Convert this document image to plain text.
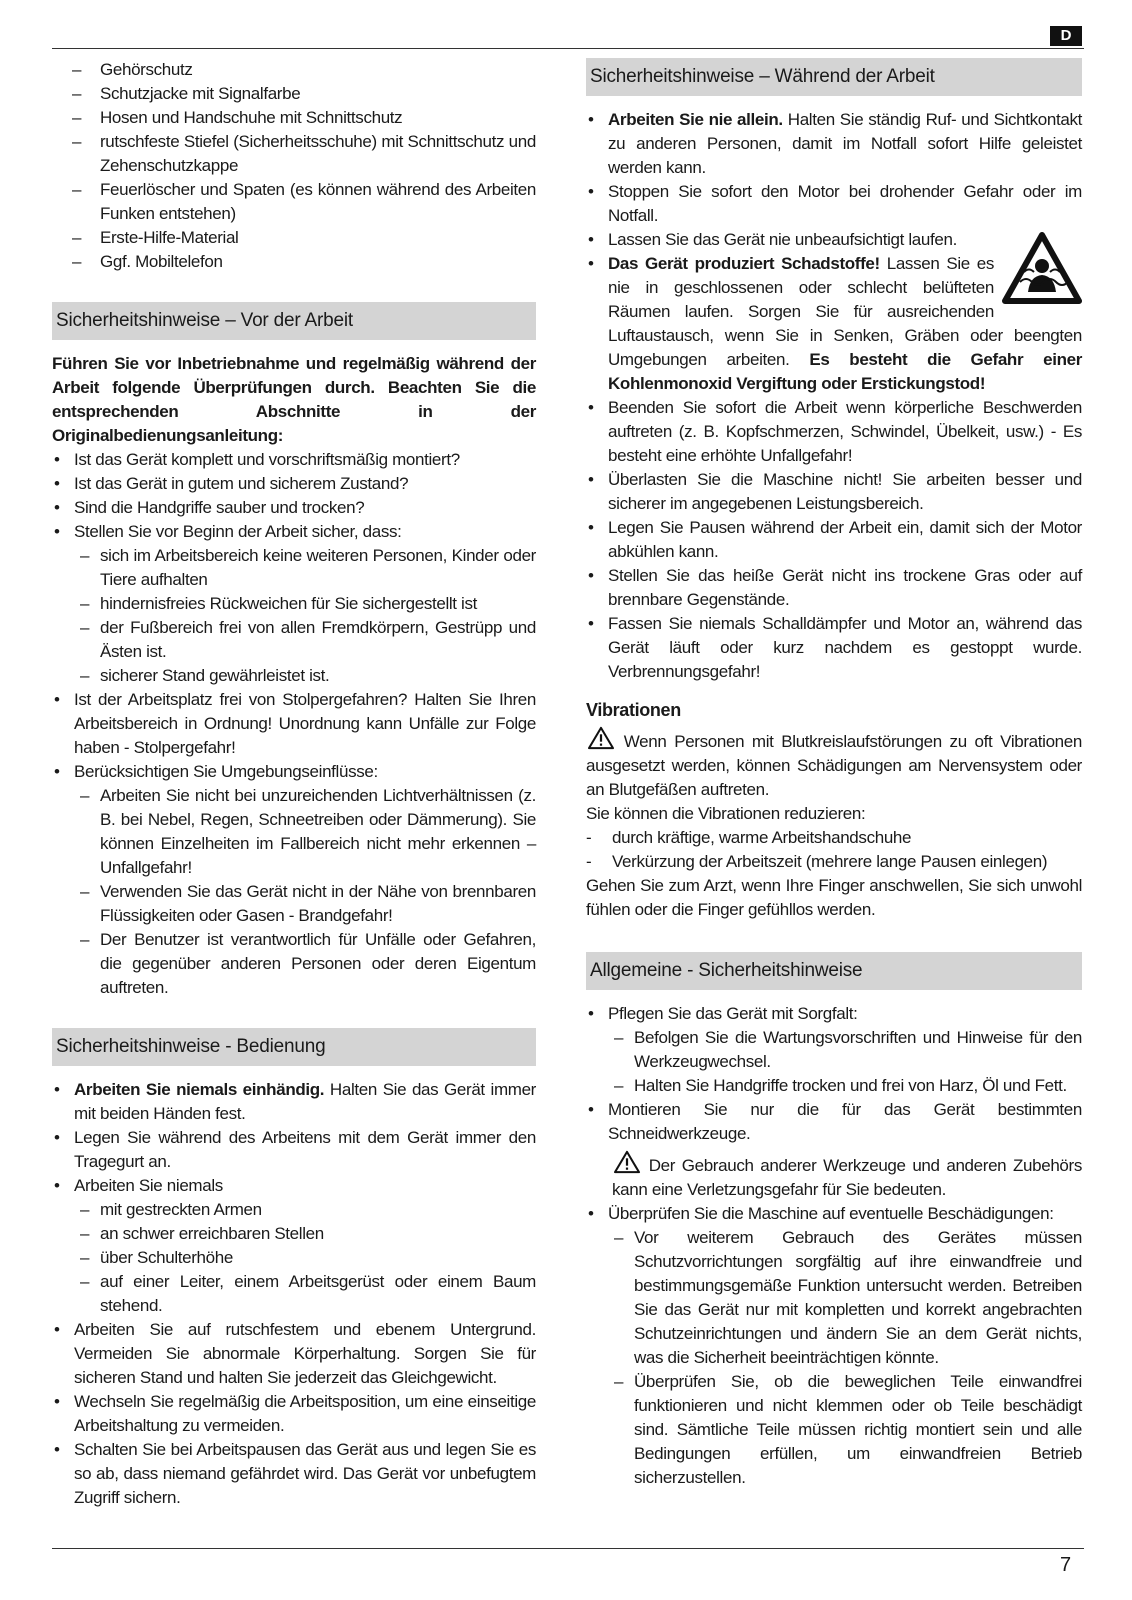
D
– Gehörschutz
– Schutzjacke mit Signalfarbe
– Hosen und Handschuhe mit Schnittschutz
– rutschfeste Stiefel (Sicherheitsschuhe) mit Schnittschutz und Zehenschutzkappe
– Feuerlöscher und Spaten (es können während des Arbeiten Funken entstehen)
– Erste-Hilfe-Material
– Ggf. Mobiltelefon
Sicherheitshinweise – Vor der Arbeit

Führen Sie vor Inbetriebnahme und regelmäßig während der Arbeit folgende Überprüfungen durch. Beachten Sie die entsprechenden Abschnitte in der Originalbedienungsanleitung:

• Ist das Gerät komplett und vorschriftsmäßig montiert?
• Ist das Gerät in gutem und sicherem Zustand?
• Sind die Handgriffe sauber und trocken?
• Stellen Sie vor Beginn der Arbeit sicher, dass:
– sich im Arbeitsbereich keine weiteren Personen, Kinder oder Tiere aufhalten
– hindernisfreies Rückweichen für Sie sichergestellt ist
– der Fußbereich frei von allen Fremdkörpern, Gestrüpp und Ästen ist.
– sicherer Stand gewährleistet ist.
• Ist der Arbeitsplatz frei von Stolpergefahren? Halten Sie Ihren Arbeitsbereich in Ordnung! Unordnung kann Unfälle zur Folge haben - Stolpergefahr!
• Berücksichtigen Sie Umgebungseinflüsse:
– Arbeiten Sie nicht bei unzureichenden Lichtverhältnissen (z. B. bei Nebel, Regen, Schneetreiben oder Dämmerung). Sie können Einzelheiten im Fallbereich nicht mehr erkennen – Unfallgefahr!
– Verwenden Sie das Gerät nicht in der Nähe von brennbaren Flüssigkeiten oder Gasen - Brandgefahr!
– Der Benutzer ist verantwortlich für Unfälle oder Gefahren, die gegenüber anderen Personen oder deren Eigentum auftreten.
Sicherheitshinweise - Bedienung
• Arbeiten Sie niemals einhändig. Halten Sie das Gerät immer mit beiden Händen fest.
• Legen Sie während des Arbeitens mit dem Gerät immer den Tragegurt an.
• Arbeiten Sie niemals
– mit gestreckten Armen
– an schwer erreichbaren Stellen
– über Schulterhöhe
– auf einer Leiter, einem Arbeitsgerüst oder einem Baum stehend.
• Arbeiten Sie auf rutschfestem und ebenem Untergrund. Vermeiden Sie abnormale Körperhaltung. Sorgen Sie für sicheren Stand und halten Sie jederzeit das Gleichgewicht.
• Wechseln Sie regelmäßig die Arbeitsposition, um eine einseitige Arbeitshaltung zu vermeiden.
• Schalten Sie bei Arbeitspausen das Gerät aus und legen Sie es so ab, dass niemand gefährdet wird. Das Gerät vor unbefugtem Zugriff sichern.
Sicherheitshinweise – Während der Arbeit
• Arbeiten Sie nie allein. Halten Sie ständig Ruf- und Sichtkontakt zu anderen Personen, damit im Notfall sofort Hilfe geleistet werden kann.
• Stoppen Sie sofort den Motor bei drohender Gefahr oder im Notfall.
• Lassen Sie das Gerät nie unbeaufsichtigt laufen.
• Das Gerät produziert Schadstoffe! Lassen Sie es nie in geschlossenen oder schlecht belüfteten Räumen laufen. Sorgen Sie für ausreichenden Luftaustausch, wenn Sie in Senken, Gräben oder beengten Umgebungen arbeiten. Es besteht die Gefahr einer Kohlenmonoxid Vergiftung oder Erstickungstod!
• Beenden Sie sofort die Arbeit wenn körperliche Beschwerden auftreten (z. B. Kopfschmerzen, Schwindel, Übelkeit, usw.) - Es besteht eine erhöhte Unfallgefahr!
• Überlasten Sie die Maschine nicht! Sie arbeiten besser und sicherer im angegebenen Leistungsbereich.
• Legen Sie Pausen während der Arbeit ein, damit sich der Motor abkühlen kann.
• Stellen Sie das heiße Gerät nicht ins trockene Gras oder auf brennbare Gegenstände.
• Fassen Sie niemals Schalldämpfer und Motor an, während das Gerät läuft oder kurz nachdem es gestoppt wurde. Verbrennungsgefahr!
Vibrationen

Wenn Personen mit Blutkreislaufstörungen zu oft Vibrationen ausgesetzt werden, können Schädigungen am Nervensystem oder an Blutgefäßen auftreten.

Sie können die Vibrationen reduzieren:

- durch kräftige, warme Arbeitshandschuhe
- Verkürzung der Arbeitszeit (mehrere lange Pausen einlegen)

Gehen Sie zum Arzt, wenn Ihre Finger anschwellen, Sie sich unwohl fühlen oder die Finger gefühllos werden.

Allgemeine - Sicherheitshinweise
• Pflegen Sie das Gerät mit Sorgfalt:
– Befolgen Sie die Wartungsvorschriften und Hinweise für den Werkzeugwechsel.
– Halten Sie Handgriffe trocken und frei von Harz, Öl und Fett.
• Montieren Sie nur die für das Gerät bestimmten Schneidwerkzeuge.

Der Gebrauch anderer Werkzeuge und anderen Zubehörs kann eine Verletzungsgefahr für Sie bedeuten.

• Überprüfen Sie die Maschine auf eventuelle Beschädigungen:
– Vor weiterem Gebrauch des Gerätes müssen Schutzvorrichtungen sorgfältig auf ihre einwandfreie und bestimmungsgemäße Funktion untersucht werden. Betreiben Sie das Gerät nur mit kompletten und korrekt angebrachten Schutzeinrichtungen und ändern Sie an dem Gerät nichts, was die Sicherheit beeinträchtigen könnte.
– Überprüfen Sie, ob die beweglichen Teile einwandfrei funktionieren und nicht klemmen oder ob Teile beschädigt sind. Sämtliche Teile müssen richtig montiert sein und alle Bedingungen erfüllen, um einwandfreien Betrieb sicherzustellen.
7
